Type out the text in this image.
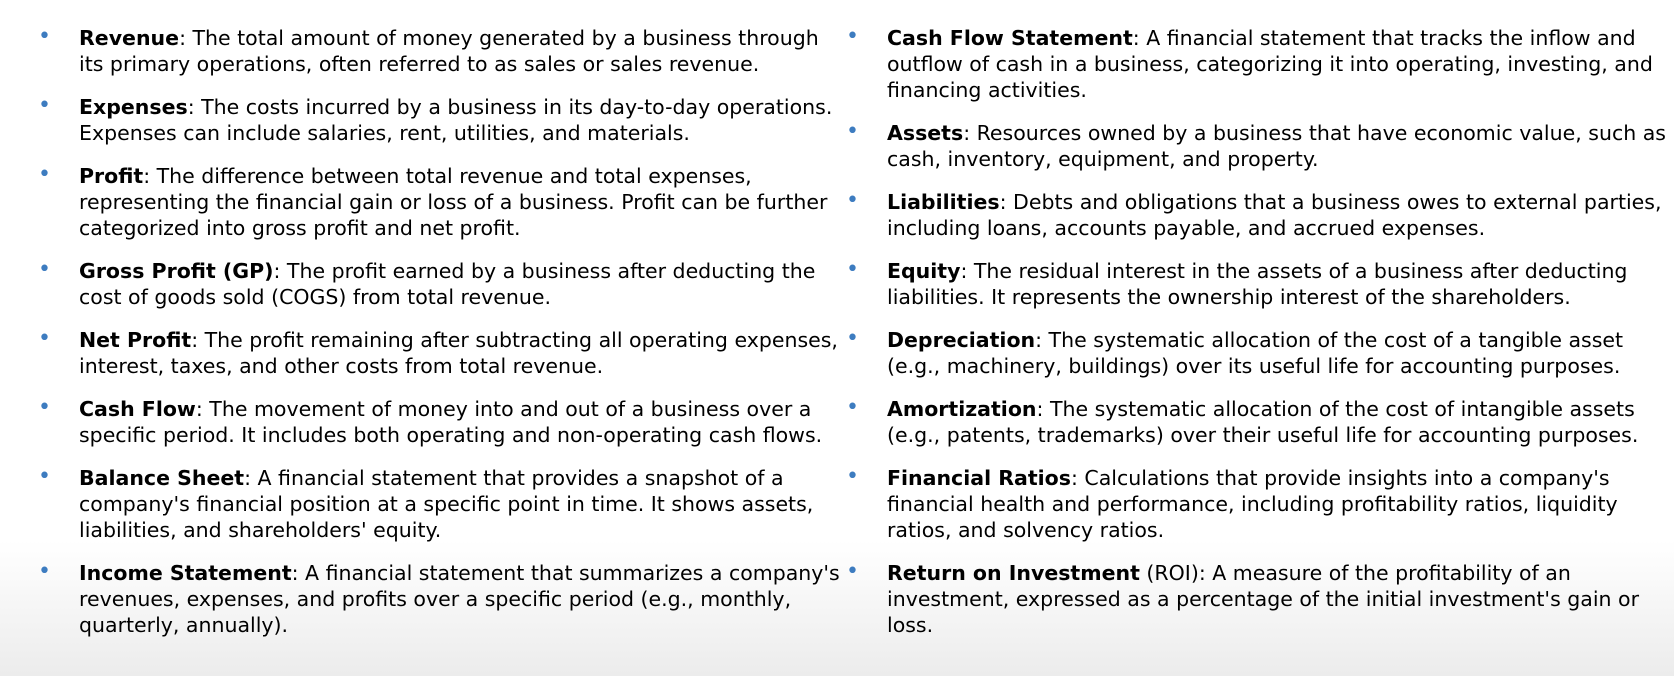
• Revenue: The total amount of money generated by a business through its primary operations, often referred to as sales or sales revenue.
• Expenses: The costs incurred by a business in its day-to-day operations. Expenses can include salaries, rent, utilities, and materials.
• Profit: The difference between total revenue and total expenses, representing the financial gain or loss of a business. Profit can be further categorized into gross profit and net profit.
• Gross Profit (GP): The profit earned by a business after deducting the cost of goods sold (COGS) from total revenue.
• Net Profit: The profit remaining after subtracting all operating expenses, interest, taxes, and other costs from total revenue.
• Cash Flow: The movement of money into and out of a business over a specific period. It includes both operating and non-operating cash flows.
• Balance Sheet: A financial statement that provides a snapshot of a company's financial position at a specific point in time. It shows assets, liabilities, and shareholders' equity.
• Income Statement: A financial statement that summarizes a company's revenues, expenses, and profits over a specific period (e.g., monthly, quarterly, annually).
• Cash Flow Statement: A financial statement that tracks the inflow and outflow of cash in a business, categorizing it into operating, investing, and financing activities.
• Assets: Resources owned by a business that have economic value, such as cash, inventory, equipment, and property.
• Liabilities: Debts and obligations that a business owes to external parties, including loans, accounts payable, and accrued expenses.
• Equity: The residual interest in the assets of a business after deducting liabilities. It represents the ownership interest of the shareholders.
• Depreciation: The systematic allocation of the cost of a tangible asset (e.g., machinery, buildings) over its useful life for accounting purposes.
• Amortization: The systematic allocation of the cost of intangible assets (e.g., patents, trademarks) over their useful life for accounting purposes.
• Financial Ratios: Calculations that provide insights into a company's financial health and performance, including profitability ratios, liquidity ratios, and solvency ratios.
• Return on Investment (ROI): A measure of the profitability of an investment, expressed as a percentage of the initial investment's gain or loss.
